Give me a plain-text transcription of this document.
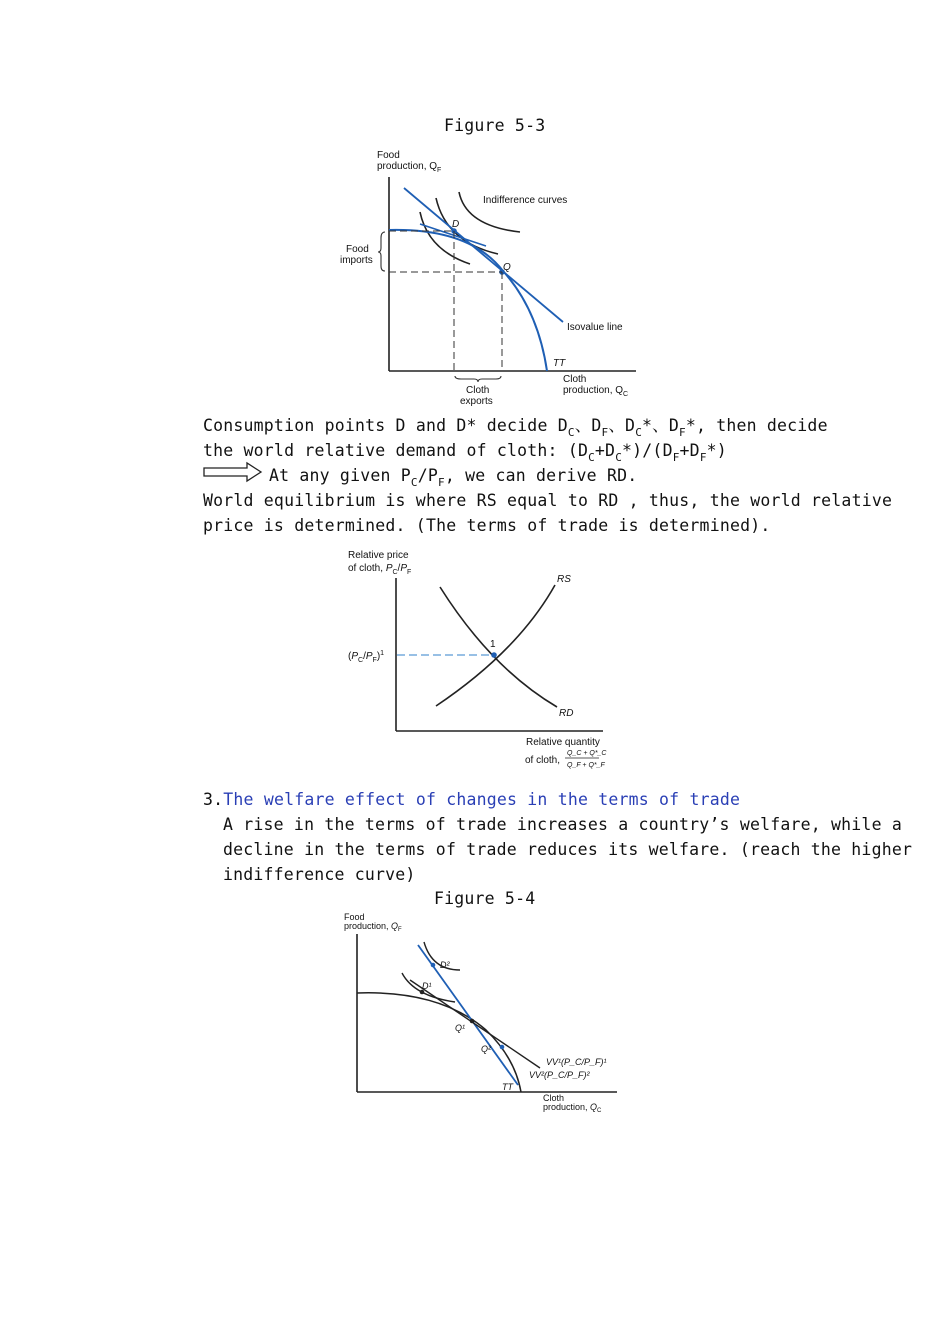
Figure 5-3
Food
production, $Q_F$
Indifference curves
D
Q
Food
imports
Cloth
exports
Isovalue line
TT
Cloth
production, $Q_C$
Consumption points D and D* decide $D_C$、$D_F$、$D_C*$、$D_F*$, then decide
the world relative demand of cloth: $(D_C+D_C*)/(D_F+D_F*)$
At any given $P_C/P_F$, we can derive RD.
World equilibrium is where RS equal to RD , thus, the world relative
price is determined. (The terms of trade is determined).
Relative price
of cloth, $P_C/P_F$
1
$(P_C/P_F)^1$
RS
RD
Relative quantity
of cloth,
Q_C + Q*_C
Q_F + Q*_F
3.The welfare effect of changes in the terms of trade
A rise in the terms of trade increases a country’s welfare, while a
decline in the terms of trade reduces its welfare. (reach the higher
indifference curve)
Figure 5-4
Food
production, $Q_F$
D²
D¹
Q¹
Q²
VV¹(P_C/P_F)¹
VV²(P_C/P_F)²
TT
Cloth
production, $Q_C$
